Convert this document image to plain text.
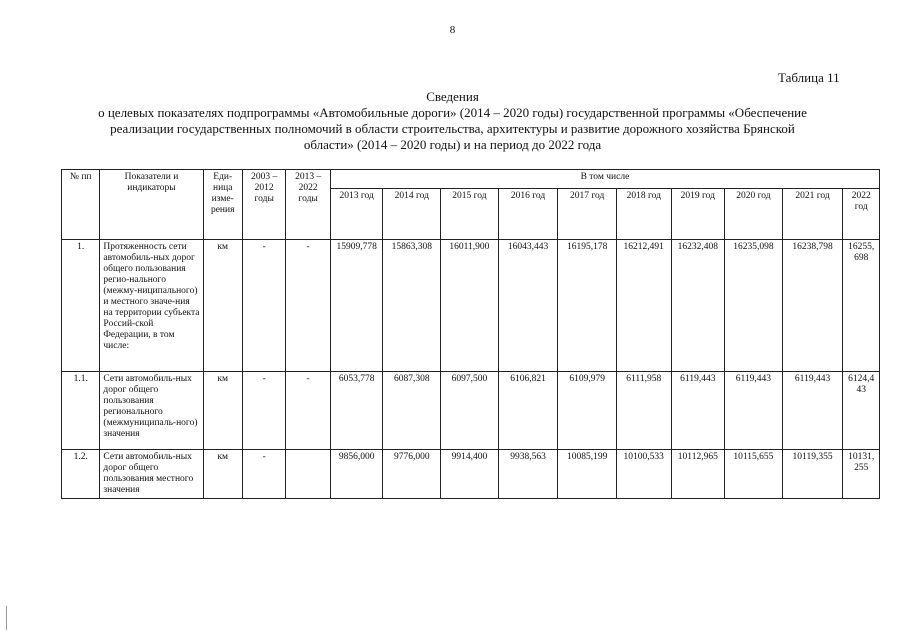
8
Таблица 11
Сведения
о целевых показателях подпрограммы «Автомобильные дороги» (2014 – 2020 годы) государственной программы «Обеспечение
реализации государственных полномочий в области строительства, архитектуры и развитие дорожного хозяйства Брянской
области» (2014 – 2020 годы) и на период до 2022 года
№ пп	Показатели и индикаторы	Еди-ница изме-рения	2003 – 2012 годы	2013 – 2022 годы	В том числе									
					2013 год	2014 год	2015 год	2016 год	2017 год	2018 год	2019 год	2020 год	2021 год	2022 год
1.	Протяженность сети автомобиль-ных дорог общего пользования регио-нального (межму-ниципального) и местного значе-ния на территории субъекта Россий-ской Федерации, в том числе:	км	-	-	15909,778	15863,308	16011,900	16043,443	16195,178	16212,491	16232,408	16235,098	16238,798	16255,698
1.1.	Сети автомобиль-ных дорог общего пользования регионального (межмуниципаль-ного) значения	км	-	-	6053,778	6087,308	6097,500	6106,821	6109,979	6111,958	6119,443	6119,443	6119,443	6124,443
1.2.	Сети автомобиль-ных дорог общего пользования местного значения	км	-		9856,000	9776,000	9914,400	9938,563	10085,199	10100,533	10112,965	10115,655	10119,355	10131,255
